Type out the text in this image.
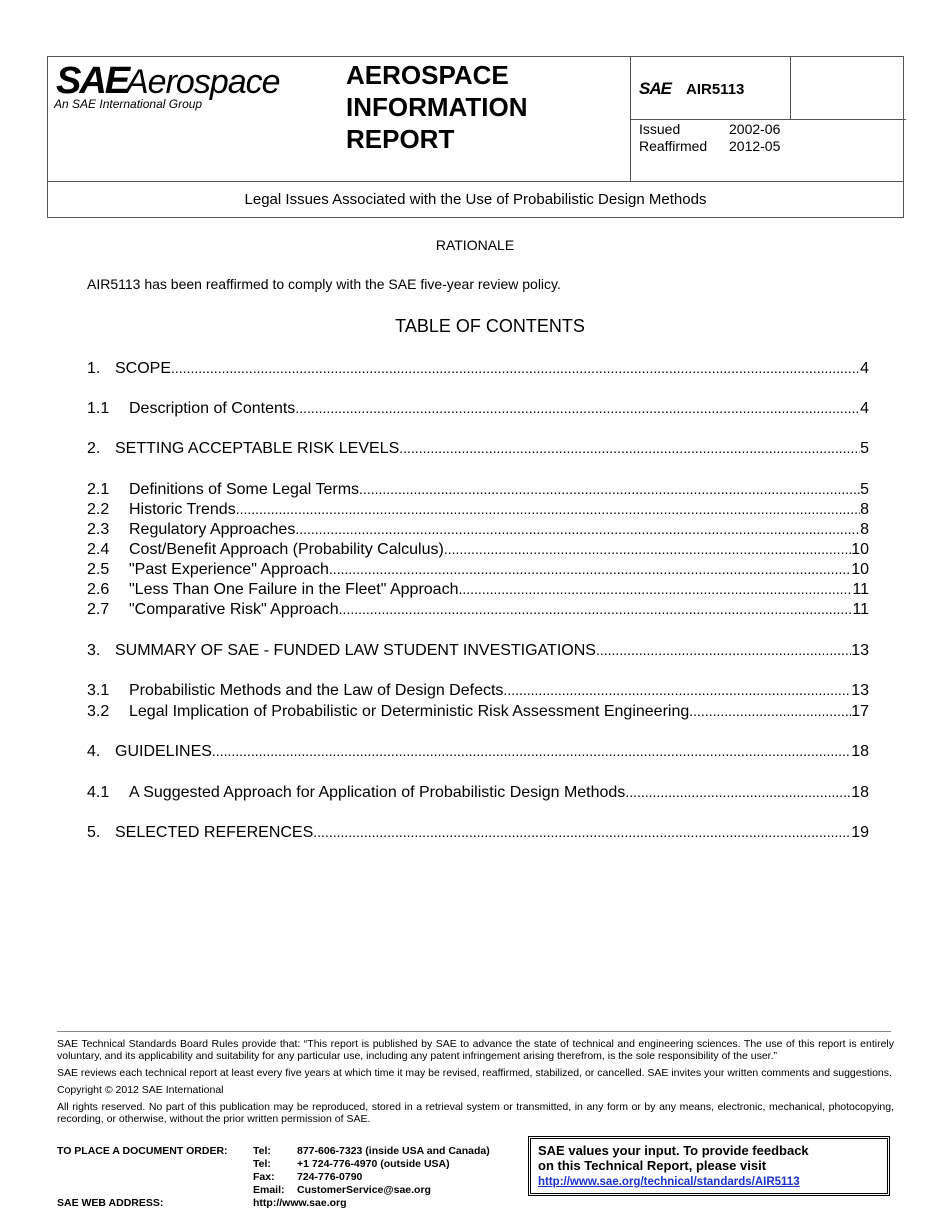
SAE
Aerospace
An SAE International Group
AEROSPACE INFORMATION REPORT
SAE AIR5113
Issued	2002-06
Reaffirmed	2012-05
Legal Issues Associated with the Use of Probabilistic Design Methods
RATIONALE
AIR5113 has been reaffirmed to comply with the SAE five-year review policy.
TABLE OF CONTENTS
1. SCOPE .....	4
1.1	Description of Contents .....	4
2. SETTING ACCEPTABLE RISK LEVELS .....	5
2.1	Definitions of Some Legal Terms .....	5
2.2	Historic Trends .....	8
2.3	Regulatory Approaches .....	8
2.4	Cost/Benefit Approach (Probability Calculus) .....	10
2.5	"Past Experience" Approach .....	10
2.6	"Less Than One Failure in the Fleet" Approach .....	11
2.7	"Comparative Risk" Approach .....	11
3. SUMMARY OF SAE - FUNDED LAW STUDENT INVESTIGATIONS .....	13
3.1	Probabilistic Methods and the Law of Design Defects .....	13
3.2	Legal Implication of Probabilistic or Deterministic Risk Assessment Engineering .....	17
4. GUIDELINES .....	18
4.1	A Suggested Approach for Application of Probabilistic Design Methods .....	18
5. SELECTED REFERENCES .....	19

SAE Technical Standards Board Rules provide that: “This report is published by SAE to advance the state of technical and engineering sciences. The use of this report is entirely voluntary, and its applicability and suitability for any particular use, including any patent infringement arising therefrom, is the sole responsibility of the user.”

SAE reviews each technical report at least every five years at which time it may be revised, reaffirmed, stabilized, or cancelled. SAE invites your written comments and suggestions.

Copyright © 2012 SAE International

All rights reserved. No part of this publication may be reproduced, stored in a retrieval system or transmitted, in any form or by any means, electronic, mechanical, photocopying, recording, or otherwise, without the prior written permission of SAE.

TO PLACE A DOCUMENT ORDER:	Tel:	877-606-7323 (inside USA and Canada)
Tel:	+1 724-776-4970 (outside USA)
Fax:	724-776-0790
Email:	CustomerService@sae.org
SAE WEB ADDRESS:	http://www.sae.org
SAE values your input. To provide feedback
on this Technical Report, please visit
http://www.sae.org/technical/standards/AIR5113
